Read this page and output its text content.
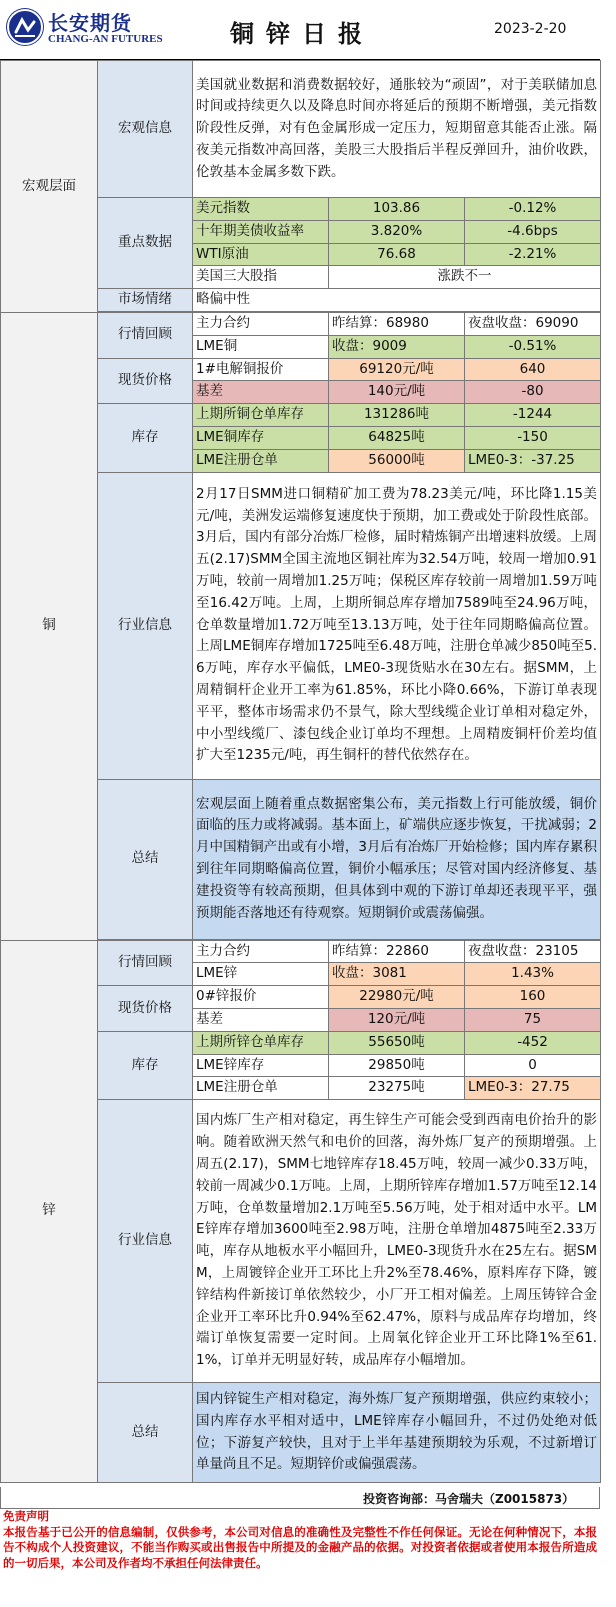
长安期货
CHANG-AN FUTURES	铜锌日报	2023-2-20
宏观层面	宏观信息	美国就业数据和消费数据较好，通胀较为“顽固”，对于美联储加息时间或持续更久以及降息时间亦将延后的预期不断增强，美元指数阶段性反弹，对有色金属形成一定压力，短期留意其能否止涨。隔夜美元指数冲高回落，美股三大股指后半程反弹回升，油价收跌，伦敦基本金属多数下跌。		
	重点数据	美元指数	103.86	-0.12%
		十年期美债收益率	3.820%	-4.6bps
		WTI原油	76.68	-2.21%
		美国三大股指	涨跌不一	
	市场情绪	略偏中性		

铜	行情回顾	主力合约	昨结算：68980	夜盘收盘：69090
		LME铜	收盘：9009	-0.51%
	现货价格	1#电解铜报价	69120元/吨	640
		基差	140元/吨	-80
	库存	上期所铜仓单库存	131286吨	-1244
		LME铜库存	64825吨	-150
		LME注册仓单	56000吨	LME0-3：-37.25
	行业信息	2月17日SMM进口铜精矿加工费为78.23美元/吨，环比降1.15美元/吨，美洲发运端修复速度快于预期，加工费或处于阶段性底部。3月后，国内有部分冶炼厂检修，届时精炼铜产出增速料放缓。上周五(2.17)SMM全国主流地区铜社库为32.54万吨，较周一增加0.91万吨，较前一周增加1.25万吨；保税区库存较前一周增加1.59万吨至16.42万吨。上周，上期所铜总库存增加7589吨至24.96万吨，仓单数量增加1.72万吨至13.13万吨，处于往年同期略偏高位置。上周LME铜库存增加1725吨至6.48万吨，注册仓单减少850吨至5.6万吨，库存水平偏低，LME0-3现货贴水在30左右。据SMM，上周精铜杆企业开工率为61.85%，环比小降0.66%，下游订单表现平平，整体市场需求仍不景气，除大型线缆企业订单相对稳定外，中小型线缆厂、漆包线企业订单均不理想。上周精废铜杆价差均值扩大至1235元/吨，再生铜杆的替代依然存在。		
	总结	宏观层面上随着重点数据密集公布，美元指数上行可能放缓，铜价面临的压力或将减弱。基本面上，矿端供应逐步恢复，干扰减弱；2月中国精铜产出或有小增，3月后有冶炼厂开始检修；国内库存累积到往年同期略偏高位置，铜价小幅承压；尽管对国内经济修复、基建投资等有较高预期，但具体到中观的下游订单却还表现平平，强预期能否落地还有待观察。短期铜价或震荡偏强。		

锌	行情回顾	主力合约	昨结算：22860	夜盘收盘：23105
		LME锌	收盘：3081	1.43%
	现货价格	0#锌报价	22980元/吨	160
		基差	120元/吨	75
	库存	上期所锌仓单库存	55650吨	-452
		LME锌库存	29850吨	0
		LME注册仓单	23275吨	LME0-3：27.75
	行业信息	国内炼厂生产相对稳定，再生锌生产可能会受到西南电价抬升的影响。随着欧洲天然气和电价的回落，海外炼厂复产的预期增强。上周五(2.17)，SMM七地锌库存18.45万吨，较周一减少0.33万吨，较前一周减少0.1万吨。上周，上期所锌库存增加1.57万吨至12.14万吨，仓单数量增加2.1万吨至5.56万吨，处于相对适中水平。LME锌库存增加3600吨至2.98万吨，注册仓单增加4875吨至2.33万吨，库存从地板水平小幅回升，LME0-3现货升水在25左右。据SMM，上周镀锌企业开工环比上升2%至78.46%，原料库存下降，镀锌结构件新接订单依然较少，小厂开工相对偏差。上周压铸锌合金企业开工率环比升0.94%至62.47%，原料与成品库存均增加，终端订单恢复需要一定时间。上周氧化锌企业开工环比降1%至61.1%，订单并无明显好转，成品库存小幅增加。		
	总结	国内锌锭生产相对稳定，海外炼厂复产预期增强，供应约束较小；国内库存水平相对适中，LME锌库存小幅回升，不过仍处绝对低位；下游复产较快，且对于上半年基建预期较为乐观，不过新增订单量尚且不足。短期锌价或偏强震荡。		
投资咨询部：马舍瑞夫（Z0015873）
免责声明
本报告基于已公开的信息编制，仅供参考，本公司对信息的准确性及完整性不作任何保证。无论在何种情况下，本报告不构成个人投资建议，不能当作购买或出售报告中所提及的金融产品的依据。对投资者依据或者使用本报告所造成的一切后果，本公司及作者均不承担任何法律责任。
